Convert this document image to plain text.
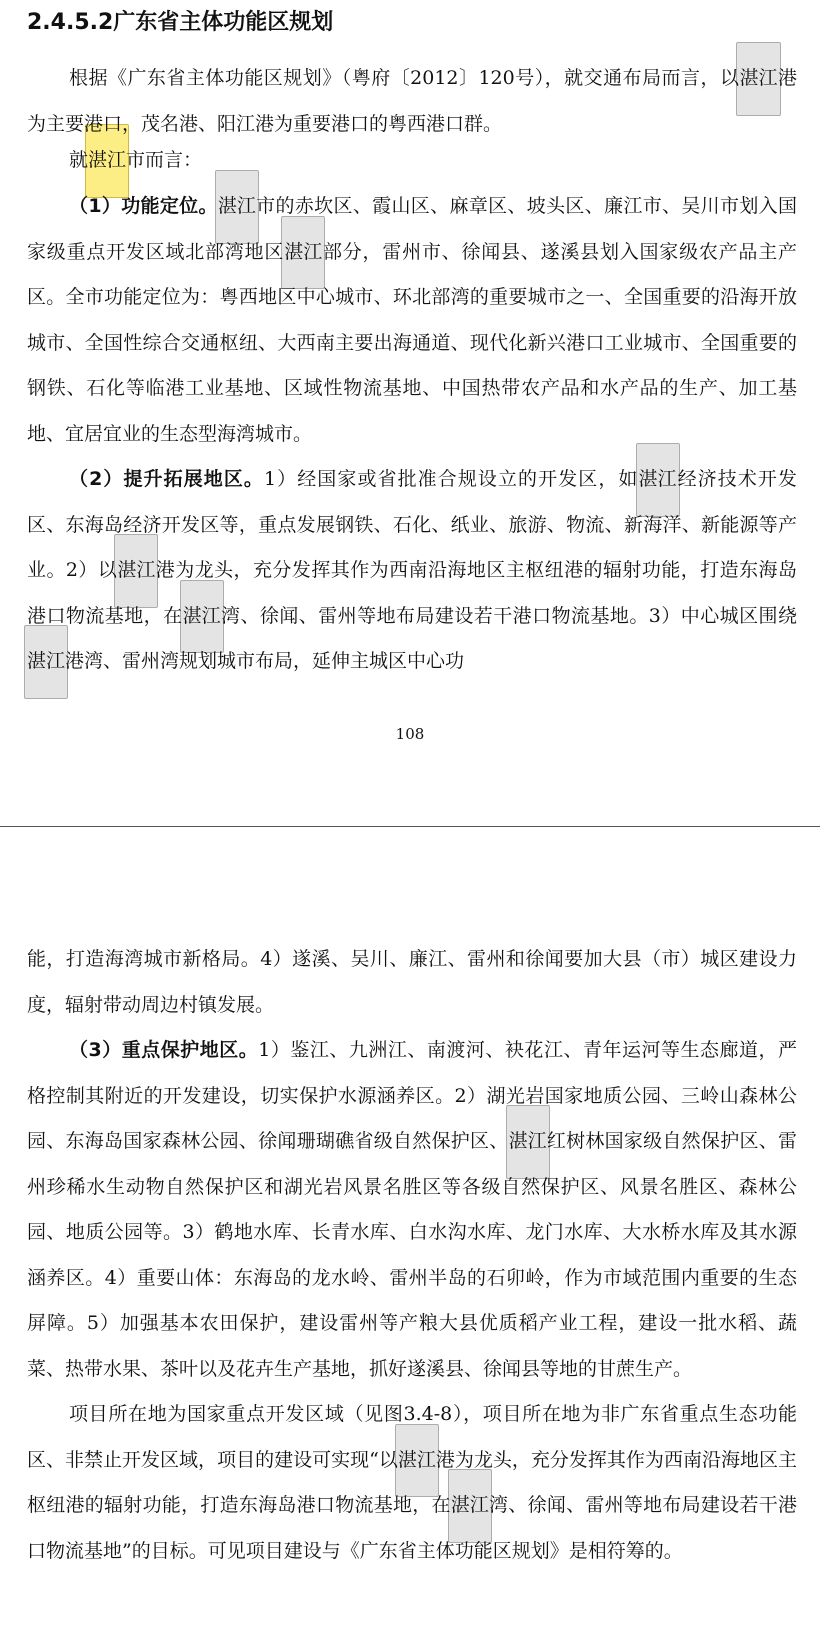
2.4.5.2广东省主体功能区规划

根据《广东省主体功能区规划》（粤府〔2012〕120号），就交通布局而言，以湛江港为主要港口，茂名港、阳江港为重要港口的粤西港口群。

就湛江市而言：

（1）功能定位。湛江市的赤坎区、霞山区、麻章区、坡头区、廉江市、吴川市划入国家级重点开发区域北部湾地区湛江部分，雷州市、徐闻县、遂溪县划入国家级农产品主产区。全市功能定位为：粤西地区中心城市、环北部湾的重要城市之一、全国重要的沿海开放城市、全国性综合交通枢纽、大西南主要出海通道、现代化新兴港口工业城市、全国重要的钢铁、石化等临港工业基地、区域性物流基地、中国热带农产品和水产品的生产、加工基地、宜居宜业的生态型海湾城市。

（2）提升拓展地区。1）经国家或省批准合规设立的开发区，如湛江经济技术开发区、东海岛经济开发区等，重点发展钢铁、石化、纸业、旅游、物流、新海洋、新能源等产业。2）以湛江港为龙头，充分发挥其作为西南沿海地区主枢纽港的辐射功能，打造东海岛港口物流基地，在湛江湾、徐闻、雷州等地布局建设若干港口物流基地。3）中心城区围绕湛江港湾、雷州湾规划城市布局，延伸主城区中心功

108

能，打造海湾城市新格局。4）遂溪、吴川、廉江、雷州和徐闻要加大县（市）城区建设力度，辐射带动周边村镇发展。

（3）重点保护地区。1）鉴江、九洲江、南渡河、袂花江、青年运河等生态廊道，严格控制其附近的开发建设，切实保护水源涵养区。2）湖光岩国家地质公园、三岭山森林公园、东海岛国家森林公园、徐闻珊瑚礁省级自然保护区、湛江红树林国家级自然保护区、雷州珍稀水生动物自然保护区和湖光岩风景名胜区等各级自然保护区、风景名胜区、森林公园、地质公园等。3）鹤地水库、长青水库、白水沟水库、龙门水库、大水桥水库及其水源涵养区。4）重要山体：东海岛的龙水岭、雷州半岛的石卯岭，作为市域范围内重要的生态屏障。5）加强基本农田保护，建设雷州等产粮大县优质稻产业工程，建设一批水稻、蔬菜、热带水果、茶叶以及花卉生产基地，抓好遂溪县、徐闻县等地的甘蔗生产。

项目所在地为国家重点开发区域（见图3.4-8），项目所在地为非广东省重点生态功能区、非禁止开发区域，项目的建设可实现“以湛江港为龙头，充分发挥其作为西南沿海地区主枢纽港的辐射功能，打造东海岛港口物流基地，在湛江湾、徐闻、雷州等地布局建设若干港口物流基地”的目标。可见项目建设与《广东省主体功能区规划》是相符筹的。
